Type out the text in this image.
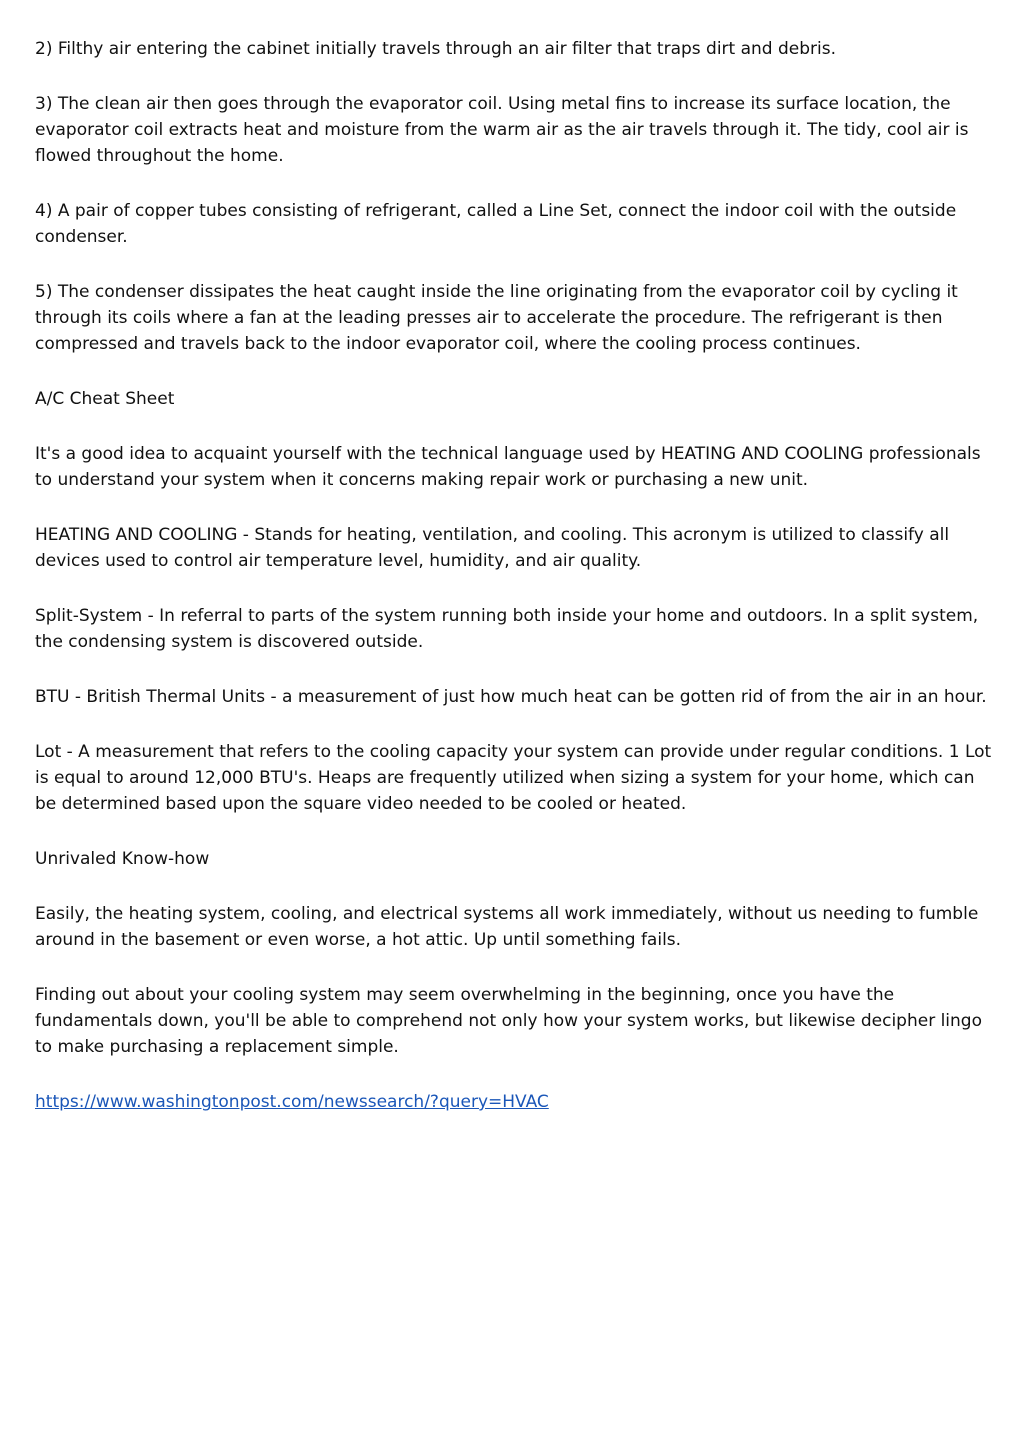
2) Filthy air entering the cabinet initially travels through an air filter that traps dirt and debris.

3) The clean air then goes through the evaporator coil. Using metal fins to increase its surface location, the evaporator coil extracts heat and moisture from the warm air as the air travels through it. The tidy, cool air is flowed throughout the home.

4) A pair of copper tubes consisting of refrigerant, called a Line Set, connect the indoor coil with the outside condenser.

5) The condenser dissipates the heat caught inside the line originating from the evaporator coil by cycling it through its coils where a fan at the leading presses air to accelerate the procedure. The refrigerant is then compressed and travels back to the indoor evaporator coil, where the cooling process continues.

A/C Cheat Sheet

It's a good idea to acquaint yourself with the technical language used by HEATING AND COOLING professionals to understand your system when it concerns making repair work or purchasing a new unit.

HEATING AND COOLING - Stands for heating, ventilation, and cooling. This acronym is utilized to classify all devices used to control air temperature level, humidity, and air quality.

Split-System - In referral to parts of the system running both inside your home and outdoors. In a split system, the condensing system is discovered outside.

BTU - British Thermal Units - a measurement of just how much heat can be gotten rid of from the air in an hour.

Lot - A measurement that refers to the cooling capacity your system can provide under regular conditions. 1 Lot is equal to around 12,000 BTU's. Heaps are frequently utilized when sizing a system for your home, which can be determined based upon the square video needed to be cooled or heated.

Unrivaled Know-how

Easily, the heating system, cooling, and electrical systems all work immediately, without us needing to fumble around in the basement or even worse, a hot attic. Up until something fails.

Finding out about your cooling system may seem overwhelming in the beginning, once you have the fundamentals down, you'll be able to comprehend not only how your system works, but likewise decipher lingo to make purchasing a replacement simple.

https://www.washingtonpost.com/newssearch/?query=HVAC
